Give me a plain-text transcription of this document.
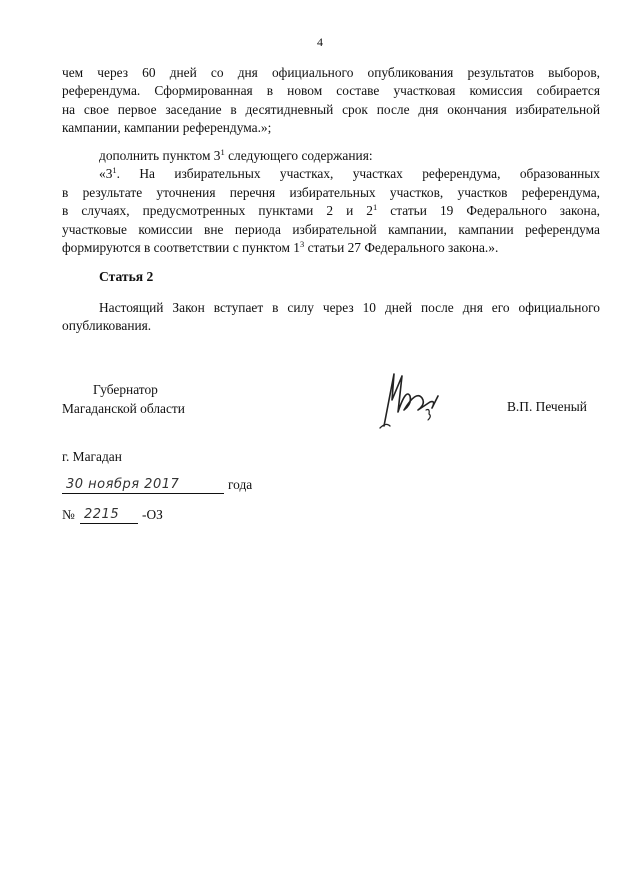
4
чем через 60 дней со дня официального опубликования результатов выборов,
референдума. Сформированная в новом составе участковая комиссия собирается
на свое первое заседание в десятидневный срок после дня окончания избирательной
кампании, кампании референдума.»;
дополнить пунктом $3^1$ следующего содержания:
«$3^1$. На избирательных участках, участках референдума, образованных
в результате уточнения перечня избирательных участков, участков референдума,
в случаях, предусмотренных пунктами 2 и $2^1$ статьи 19 Федерального закона,
участковые комиссии вне периода избирательной кампании, кампании референдума
формируются в соответствии с пунктом $1^3$ статьи 27 Федерального закона.».
Статья 2
Настоящий Закон вступает в силу через 10 дней после дня его официального
опубликования.
Губернатор
Магаданской области	В.П. Печеный
г. Магадан
30 ноября 2017	года
№ 2215 -ОЗ
